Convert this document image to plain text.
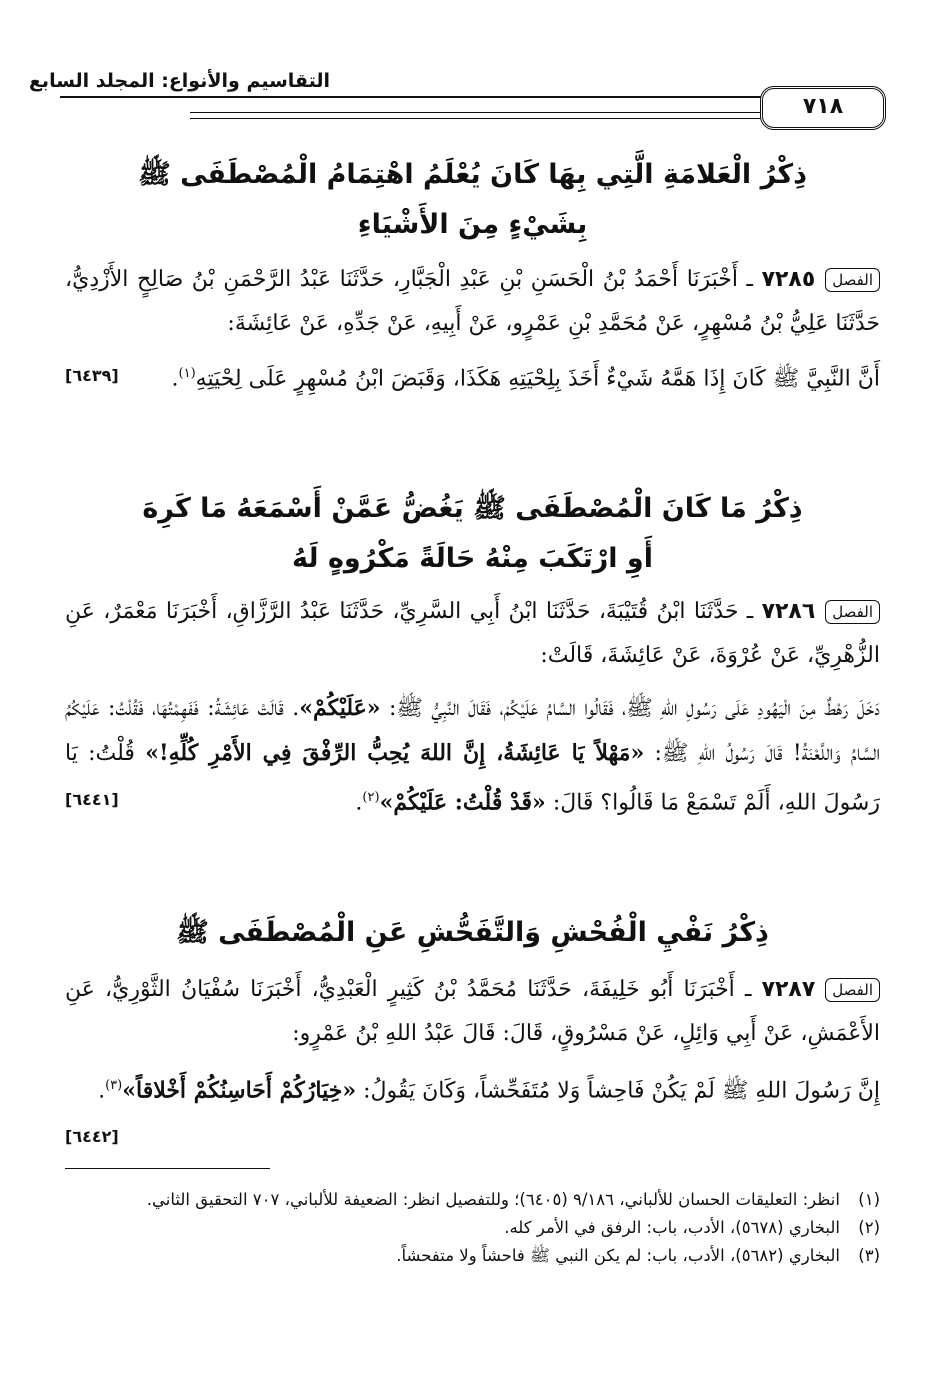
التقاسيم والأنواع: المجلد السابع
٧١٨
ذِكْرُ الْعَلامَةِ الَّتِي بِهَا كَانَ يُعْلَمُ اهْتِمَامُ الْمُصْطَفَى ﷺ
بِشَيْءٍ مِنَ الأَشْيَاءِ
الفصل٧٢٨٥ ـ أَخْبَرَنَا أَحْمَدُ بْنُ الْحَسَنِ بْنِ عَبْدِ الْجَبَّارِ، حَدَّثَنَا عَبْدُ الرَّحْمَنِ بْنُ صَالِحٍ الأَزْدِيُّ، حَدَّثَنَا عَلِيُّ بْنُ مُسْهِرٍ، عَنْ مُحَمَّدِ بْنِ عَمْرٍو، عَنْ أَبِيهِ، عَنْ جَدِّهِ، عَنْ عَائِشَةَ:
أَنَّ النَّبِيَّ ﷺ كَانَ إِذَا هَمَّهُ شَيْءٌ أَخَذَ بِلِحْيَتِهِ هَكَذَا، وَقَبَضَ ابْنُ مُسْهِرٍ عَلَى لِحْيَتِهِ$^{(١)}$.
[٦٤٣٩]
ذِكْرُ مَا كَانَ الْمُصْطَفَى ﷺ يَغُضُّ عَمَّنْ أَسْمَعَهُ مَا كَرِهَ
أَوِ ارْتَكَبَ مِنْهُ حَالَةً مَكْرُوهٍ لَهُ
الفصل٧٢٨٦ ـ حَدَّثَنَا ابْنُ قُتَيْبَةَ، حَدَّثَنَا ابْنُ أَبِي السَّرِيِّ، حَدَّثَنَا عَبْدُ الرَّزَّاقِ، أَخْبَرَنَا مَعْمَرٌ، عَنِ الزُّهْرِيِّ، عَنْ عُرْوَةَ، عَنْ عَائِشَةَ، قَالَتْ:
دَخَلَ رَهْطٌ مِنَ الْيَهُودِ عَلَى رَسُولِ اللهِ ﷺ، فَقَالُوا السَّامُ عَلَيْكُمْ، فَقَالَ النَّبِيُّ ﷺ: «عَلَيْكُمْ». قَالَتْ عَائِشَةُ: فَفَهِمْتُهَا، فَقُلْتُ: عَلَيْكُمُ السَّامُ وَاللَّعْنَةُ! قَالَ رَسُولُ اللهِ ﷺ: «مَهْلاً يَا عَائِشَةُ، إِنَّ اللهَ يُحِبُّ الرِّفْقَ فِي الأَمْرِ كُلِّهِ!» قُلْتُ: يَا رَسُولَ اللهِ، أَلَمْ تَسْمَعْ مَا قَالُوا؟ قَالَ: «قَدْ قُلْتُ: عَلَيْكُمْ»$^{(٢)}$.
[٦٤٤١]
ذِكْرُ نَفْيِ الْفُحْشِ وَالتَّفَحُّشِ عَنِ الْمُصْطَفَى ﷺ
الفصل٧٢٨٧ ـ أَخْبَرَنَا أَبُو خَلِيفَةَ، حَدَّثَنَا مُحَمَّدُ بْنُ كَثِيرٍ الْعَبْدِيُّ، أَخْبَرَنَا سُفْيَانُ الثَّوْرِيُّ، عَنِ الأَعْمَشِ، عَنْ أَبِي وَائِلٍ، عَنْ مَسْرُوقٍ، قَالَ: قَالَ عَبْدُ اللهِ بْنُ عَمْرٍو:
إِنَّ رَسُولَ اللهِ ﷺ لَمْ يَكُنْ فَاحِشاً وَلا مُتَفَحِّشاً، وَكَانَ يَقُولُ: «خِيَارُكُمْ أَحَاسِنُكُمْ أَخْلاقاً»$^{(٣)}$.
[٦٤٤٢]
(١)
انظر: التعليقات الحسان للألباني، ٩/١٨٦ (٦٤٠٥)؛ وللتفصيل انظر: الضعيفة للألباني، ٧٠٧ التحقيق الثاني.
(٢)
البخاري (٥٦٧٨)، الأدب، باب: الرفق في الأمر كله.
(٣)
البخاري (٥٦٨٢)، الأدب، باب: لم يكن النبي ﷺ فاحشاً ولا متفحشاً.
